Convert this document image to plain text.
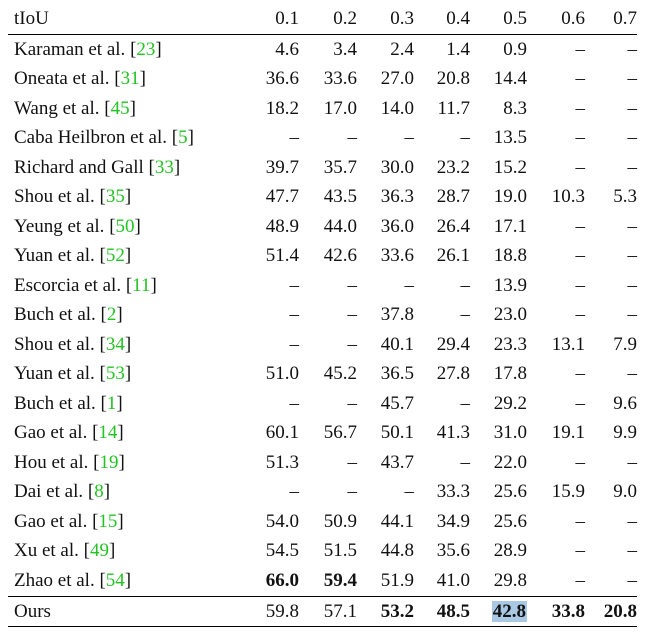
tIoU	0.1	0.2	0.3	0.4	0.5	0.6	0.7
Karaman et al. [23]	4.6	3.4	2.4	1.4	0.9	–	–
Oneata et al. [31]	36.6	33.6	27.0	20.8	14.4	–	–
Wang et al. [45]	18.2	17.0	14.0	11.7	8.3	–	–
Caba Heilbron et al. [5]	–	–	–	–	13.5	–	–
Richard and Gall [33]	39.7	35.7	30.0	23.2	15.2	–	–
Shou et al. [35]	47.7	43.5	36.3	28.7	19.0	10.3	5.3
Yeung et al. [50]	48.9	44.0	36.0	26.4	17.1	–	–
Yuan et al. [52]	51.4	42.6	33.6	26.1	18.8	–	–
Escorcia et al. [11]	–	–	–	–	13.9	–	–
Buch et al. [2]	–	–	37.8	–	23.0	–	–
Shou et al. [34]	–	–	40.1	29.4	23.3	13.1	7.9
Yuan et al. [53]	51.0	45.2	36.5	27.8	17.8	–	–
Buch et al. [1]	–	–	45.7	–	29.2	–	9.6
Gao et al. [14]	60.1	56.7	50.1	41.3	31.0	19.1	9.9
Hou et al. [19]	51.3	–	43.7	–	22.0	–	–
Dai et al. [8]	–	–	–	33.3	25.6	15.9	9.0
Gao et al. [15]	54.0	50.9	44.1	34.9	25.6	–	–
Xu et al. [49]	54.5	51.5	44.8	35.6	28.9	–	–
Zhao et al. [54]	66.0	59.4	51.9	41.0	29.8	–	–
Ours	59.8	57.1	53.2	48.5	42.8	33.8	20.8
